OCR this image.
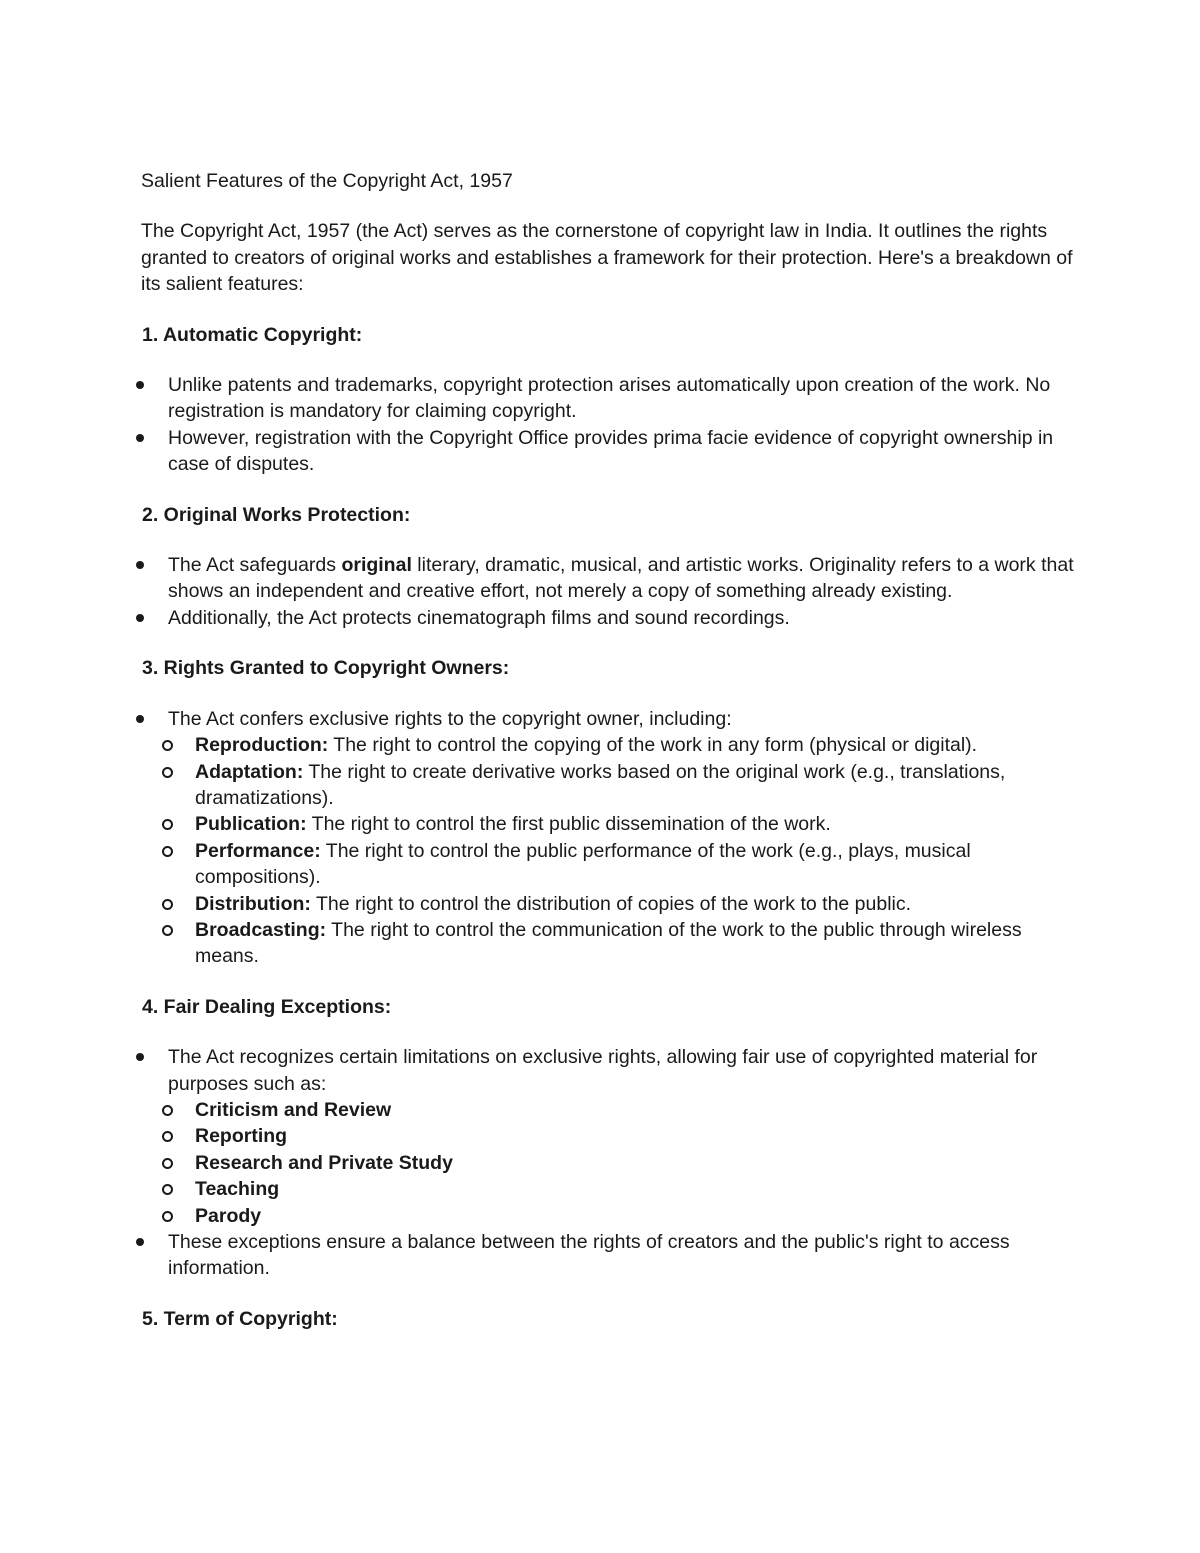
Salient Features of the Copyright Act, 1957

The Copyright Act, 1957 (the Act) serves as the cornerstone of copyright law in India. It outlines the rights granted to creators of original works and establishes a framework for their protection. Here's a breakdown of its salient features:

1. Automatic Copyright:

Unlike patents and trademarks, copyright protection arises automatically upon creation of the work. No registration is mandatory for claiming copyright.
However, registration with the Copyright Office provides prima facie evidence of copyright ownership in case of disputes.

2. Original Works Protection:

The Act safeguards original literary, dramatic, musical, and artistic works. Originality refers to a work that shows an independent and creative effort, not merely a copy of something already existing.
Additionally, the Act protects cinematograph films and sound recordings.

3. Rights Granted to Copyright Owners:

The Act confers exclusive rights to the copyright owner, including:
Reproduction: The right to control the copying of the work in any form (physical or digital).
Adaptation: The right to create derivative works based on the original work (e.g., translations, dramatizations).
Publication: The right to control the first public dissemination of the work.
Performance: The right to control the public performance of the work (e.g., plays, musical compositions).
Distribution: The right to control the distribution of copies of the work to the public.
Broadcasting: The right to control the communication of the work to the public through wireless means.

4. Fair Dealing Exceptions:

The Act recognizes certain limitations on exclusive rights, allowing fair use of copyrighted material for purposes such as:
Criticism and Review
Reporting
Research and Private Study
Teaching
Parody
These exceptions ensure a balance between the rights of creators and the public's right to access information.

5. Term of Copyright:
